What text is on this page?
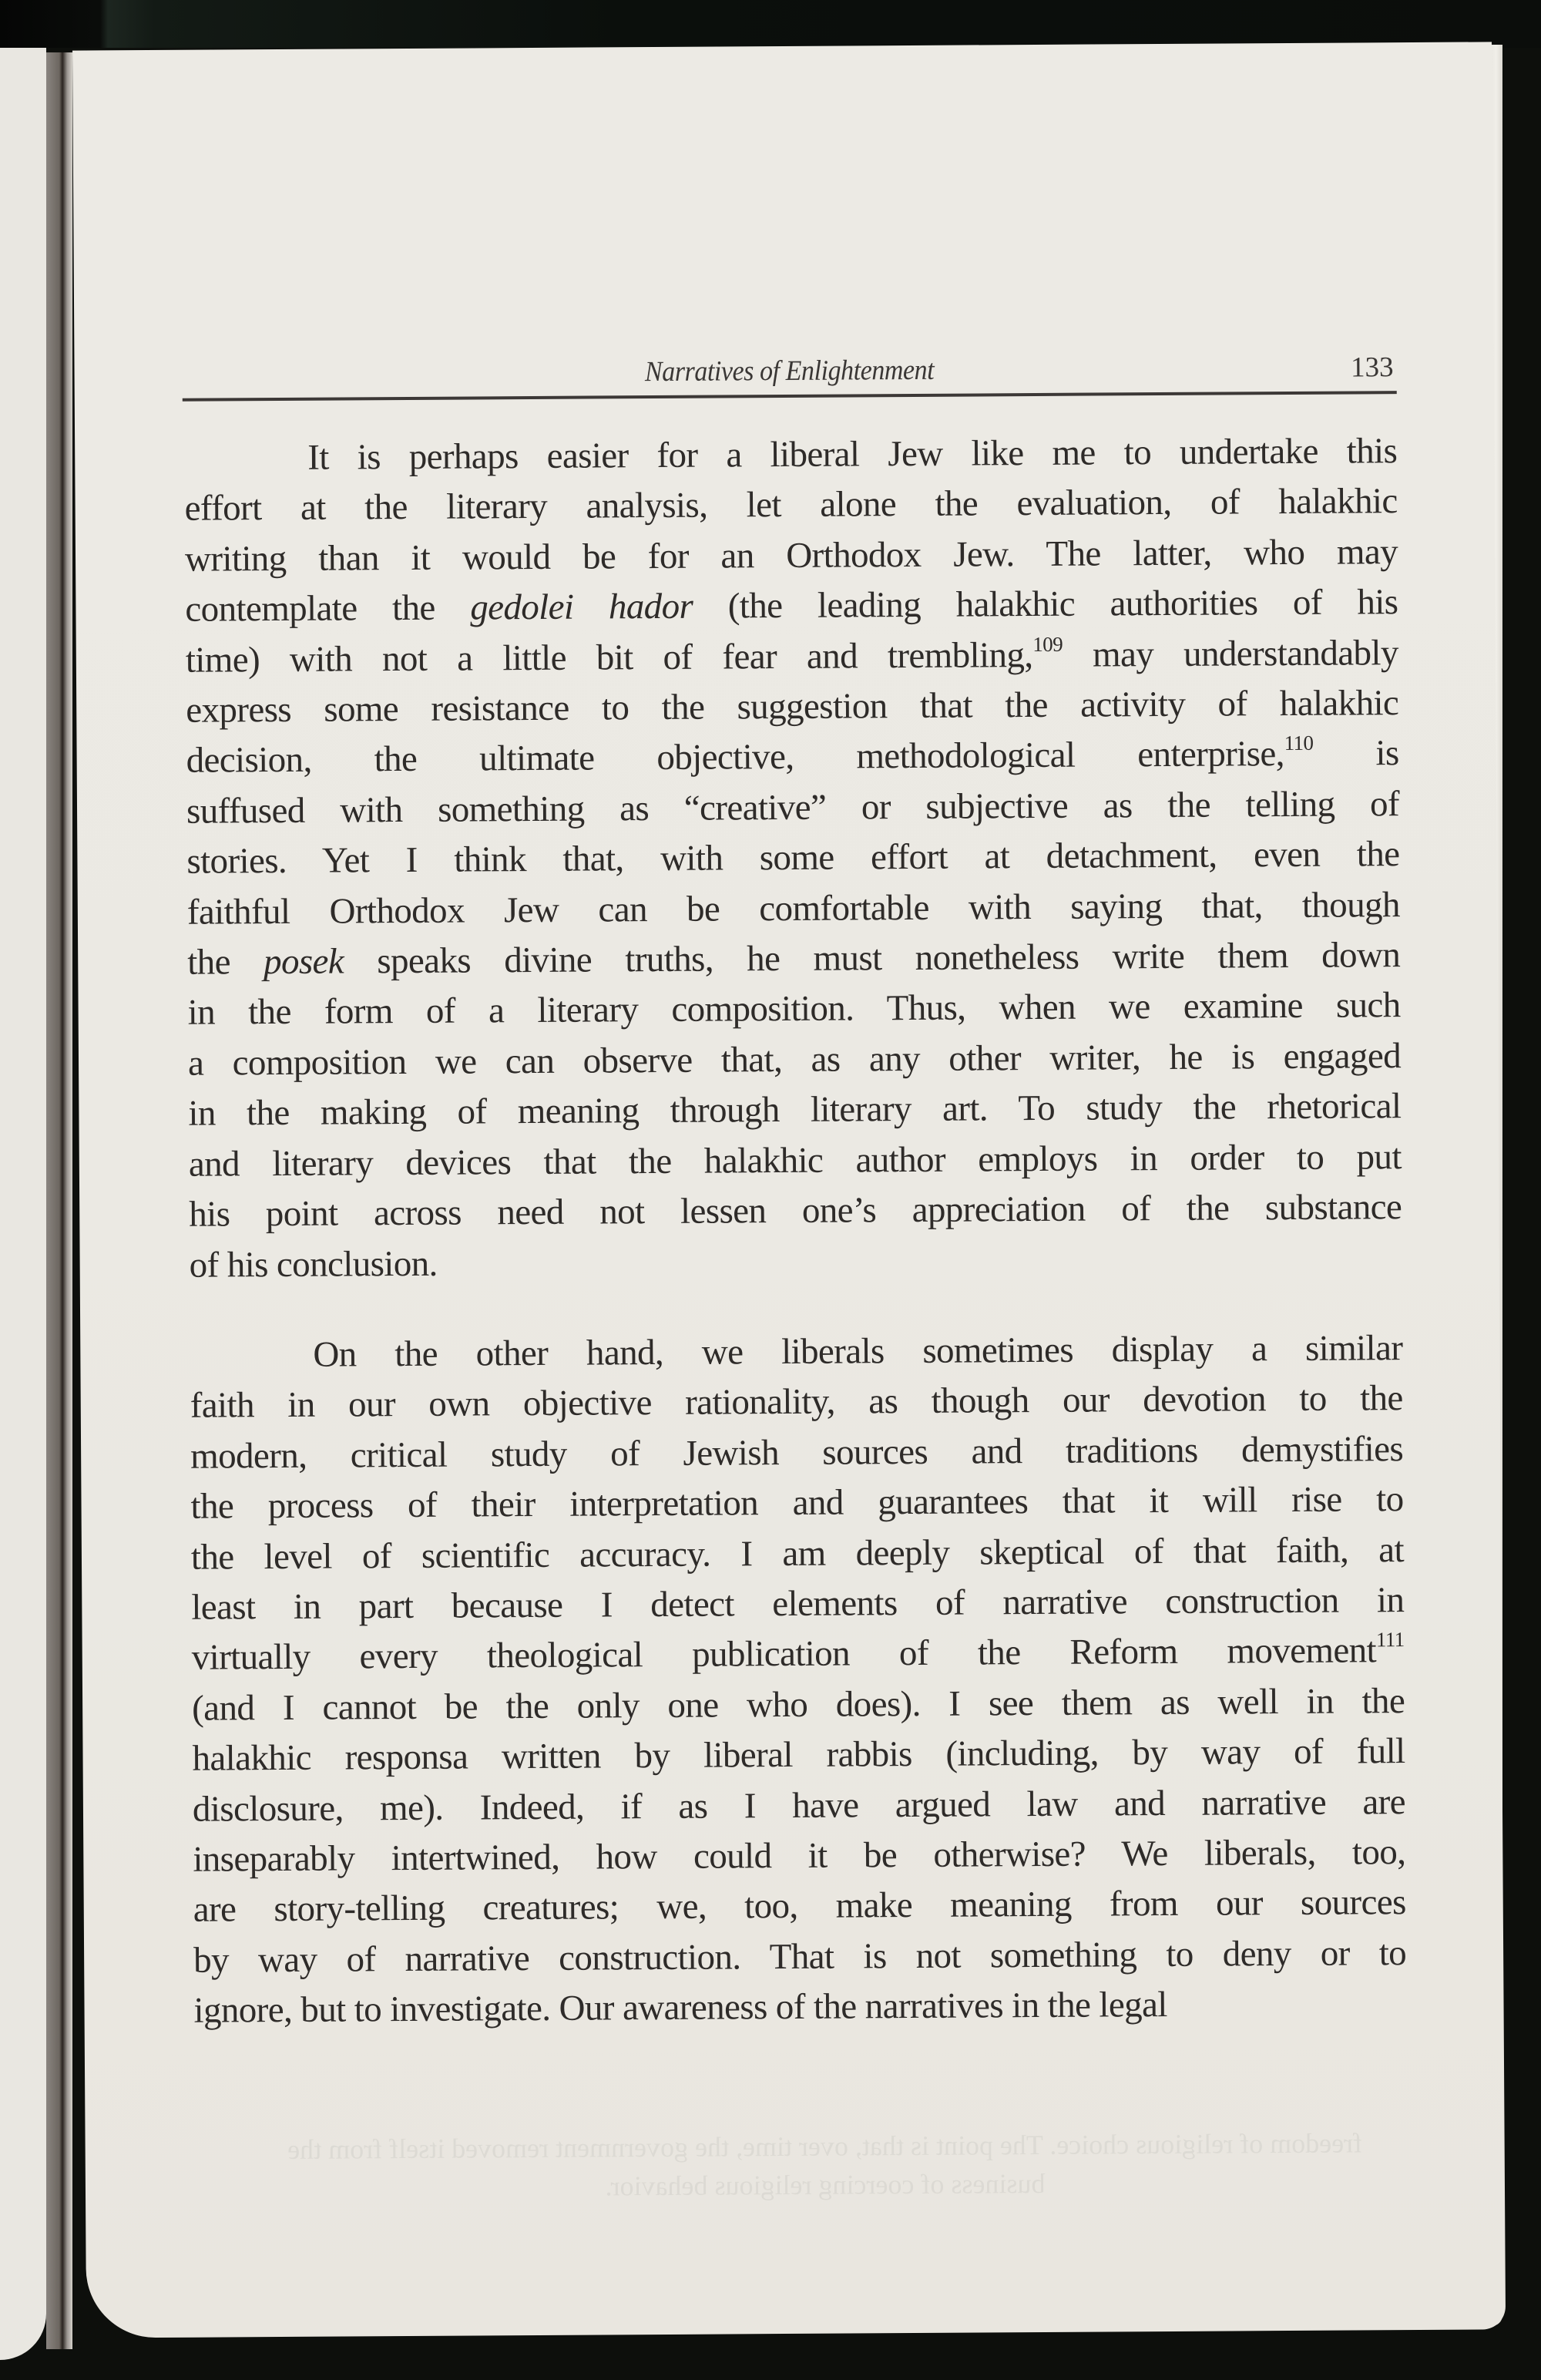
Narratives of Enlightenment	133
It is perhaps easier for a liberal Jew like me to undertake this
effort at the literary analysis, let alone the evaluation, of halakhic
writing than it would be for an Orthodox Jew. The latter, who may
contemplate the gedolei hador (the leading halakhic authorities of his
time) with not a little bit of fear and trembling,$^{109}$ may understandably
express some resistance to the suggestion that the activity of halakhic
decision, the ultimate objective, methodological enterprise,$^{110}$ is
suffused with something as “creative” or subjective as the telling of
stories. Yet I think that, with some effort at detachment, even the
faithful Orthodox Jew can be comfortable with saying that, though
the posek speaks divine truths, he must nonetheless write them down
in the form of a literary composition. Thus, when we examine such
a composition we can observe that, as any other writer, he is engaged
in the making of meaning through literary art. To study the rhetorical
and literary devices that the halakhic author employs in order to put
his point across need not lessen one’s appreciation of the substance
of his conclusion.
On the other hand, we liberals sometimes display a similar
faith in our own objective rationality, as though our devotion to the
modern, critical study of Jewish sources and traditions demystifies
the process of their interpretation and guarantees that it will rise to
the level of scientific accuracy. I am deeply skeptical of that faith, at
least in part because I detect elements of narrative construction in
virtually every theological publication of the Reform movement$^{111}$
(and I cannot be the only one who does). I see them as well in the
halakhic responsa written by liberal rabbis (including, by way of full
disclosure, me). Indeed, if as I have argued law and narrative are
inseparably intertwined, how could it be otherwise? We liberals, too,
are story-telling creatures; we, too, make meaning from our sources
by way of narrative construction. That is not something to deny or to
ignore, but to investigate. Our awareness of the narratives in the legal
freedom of religious choice. The point is that, over time, the government removed itself from the business of coercing religious behavior.
